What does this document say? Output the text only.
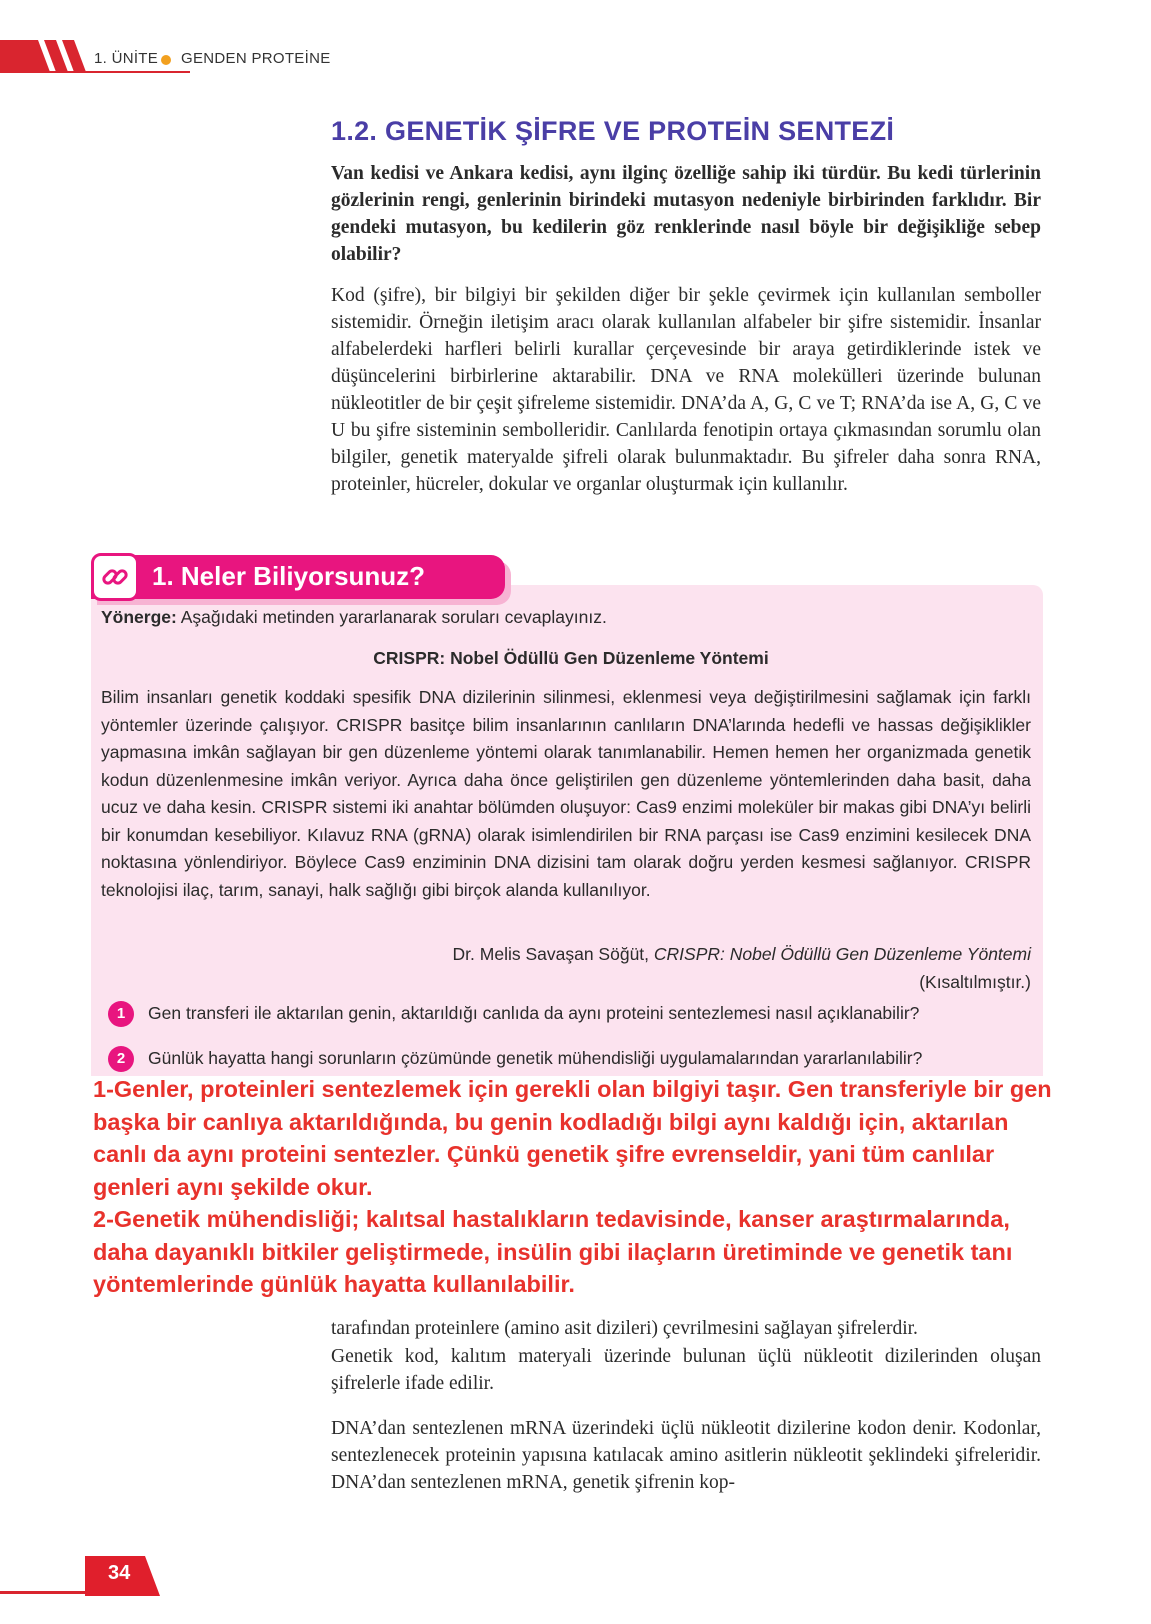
1. ÜNİTE GENDEN PROTEİNE
1.2. GENETİK ŞİFRE VE PROTEİN SENTEZİ
Van kedisi ve Ankara kedisi, aynı ilginç özelliğe sahip iki türdür. Bu kedi türlerinin gözlerinin rengi, genlerinin birindeki mutasyon nedeniyle birbirinden farklıdır. Bir gendeki mutasyon, bu kedilerin göz renklerinde nasıl böyle bir değişikliğe sebep olabilir?
Kod (şifre), bir bilgiyi bir şekilden diğer bir şekle çevirmek için kullanılan semboller sistemidir. Örneğin iletişim aracı olarak kullanılan alfabeler bir şifre sistemidir. İnsanlar alfabelerdeki harfleri belirli kurallar çerçevesinde bir araya getirdiklerinde istek ve düşüncelerini birbirlerine aktarabilir. DNA ve RNA molekülleri üzerinde bulunan nükleotitler de bir çeşit şifreleme sistemidir. DNA’da A, G, C ve T; RNA’da ise A, G, C ve U bu şifre sisteminin sembolleridir. Canlılarda fenotipin ortaya çıkmasından sorumlu olan bilgiler, genetik materyalde şifreli olarak bulunmaktadır. Bu şifreler daha sonra RNA, proteinler, hücreler, dokular ve organlar oluşturmak için kullanılır.
1. Neler Biliyorsunuz?
Yönerge: Aşağıdaki metinden yararlanarak soruları cevaplayınız.
CRISPR: Nobel Ödüllü Gen Düzenleme Yöntemi
Bilim insanları genetik koddaki spesifik DNA dizilerinin silinmesi, eklenmesi veya değiştirilmesini sağlamak için farklı yöntemler üzerinde çalışıyor. CRISPR basitçe bilim insanlarının canlıların DNA’larında hedefli ve hassas değişiklikler yapmasına imkân sağlayan bir gen düzenleme yöntemi olarak tanımlanabilir. Hemen hemen her organizmada genetik kodun düzenlenmesine imkân veriyor. Ayrıca daha önce geliştirilen gen düzenleme yöntemlerinden daha basit, daha ucuz ve daha kesin. CRISPR sistemi iki anahtar bölümden oluşuyor: Cas9 enzimi moleküler bir makas gibi DNA’yı belirli bir konumdan kesebiliyor. Kılavuz RNA (gRNA) olarak isimlendirilen bir RNA parçası ise Cas9 enzimini kesilecek DNA noktasına yönlendiriyor. Böylece Cas9 enziminin DNA dizisini tam olarak doğru yerden kesmesi sağlanıyor. CRISPR teknolojisi ilaç, tarım, sanayi, halk sağlığı gibi birçok alanda kullanılıyor.
Dr. Melis Savaşan Söğüt, CRISPR: Nobel Ödüllü Gen Düzenleme Yöntemi
(Kısaltılmıştır.)
1	Gen transferi ile aktarılan genin, aktarıldığı canlıda da aynı proteini sentezlemesi nasıl açıklanabilir?
2	Günlük hayatta hangi sorunların çözümünde genetik mühendisliği uygulamalarından yararlanılabilir?

1-Genler, proteinleri sentezlemek için gerekli olan bilgiyi taşır. Gen transferiyle bir gen başka bir canlıya aktarıldığında, bu genin kodladığı bilgi aynı kaldığı için, aktarılan canlı da aynı proteini sentezler. Çünkü genetik şifre evrenseldir, yani tüm canlılar genleri aynı şekilde okur.

2-Genetik mühendisliği; kalıtsal hastalıkların tedavisinde, kanser araştırmalarında, daha dayanıklı bitkiler geliştirmede, insülin gibi ilaçların üretiminde ve genetik tanı yöntemlerinde günlük hayatta kullanılabilir.

tarafından proteinlere (amino asit dizileri) çevrilmesini sağlayan şifrelerdir.
Genetik kod, kalıtım materyali üzerinde bulunan üçlü nükleotit dizilerinden oluşan şifrelerle ifade edilir.
DNA’dan sentezlenen mRNA üzerindeki üçlü nükleotit dizilerine kodon denir. Kodonlar, sentezlenecek proteinin yapısına katılacak amino asitlerin nükleotit şeklindeki şifreleridir. DNA’dan sentezlenen mRNA, genetik şifrenin kop-
34
